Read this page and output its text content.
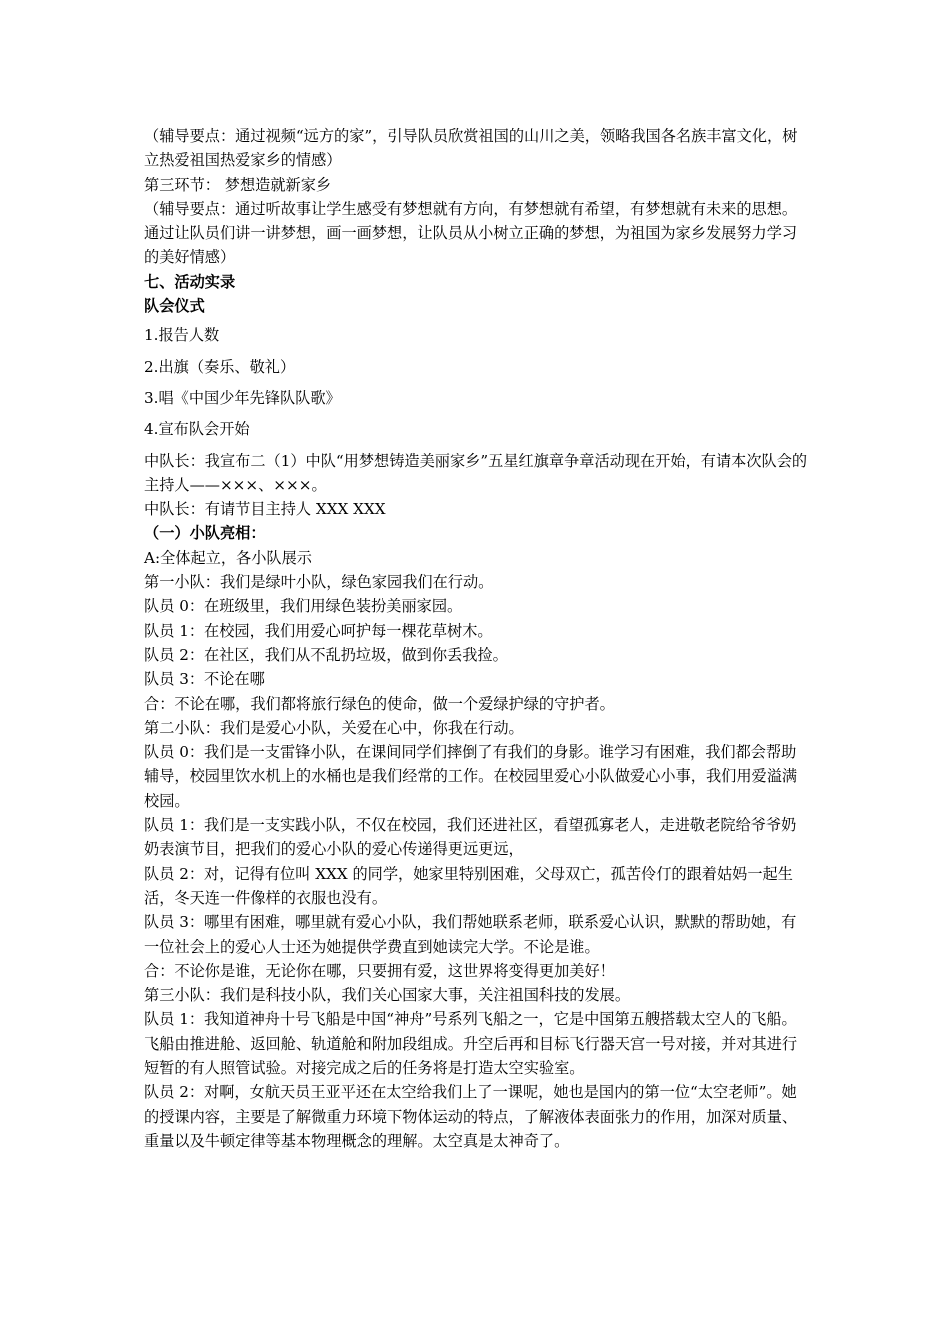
（辅导要点：通过视频“远方的家”，引导队员欣赏祖国的山川之美，领略我国各名族丰富文化，树立热爱祖国热爱家乡的情感）

第三环节： 梦想造就新家乡

（辅导要点：通过听故事让学生感受有梦想就有方向，有梦想就有希望，有梦想就有未来的思想。通过让队员们讲一讲梦想，画一画梦想，让队员从小树立正确的梦想，为祖国为家乡发展努力学习的美好情感）

七、活动实录

队会仪式

1.报告人数

2.出旗（奏乐、敬礼）

3.唱《中国少年先锋队队歌》

4.宣布队会开始

中队长：我宣布二（1）中队“用梦想铸造美丽家乡”五星红旗章争章活动现在开始，有请本次队会的主持人——×××、×××。

中队长：有请节目主持人 XXX XXX

（一）小队亮相：

A:全体起立，各小队展示

第一小队：我们是绿叶小队，绿色家园我们在行动。

队员 0：在班级里，我们用绿色装扮美丽家园。

队员 1：在校园，我们用爱心呵护每一棵花草树木。

队员 2：在社区，我们从不乱扔垃圾，做到你丢我捡。

队员 3：不论在哪

合：不论在哪，我们都将旅行绿色的使命，做一个爱绿护绿的守护者。

第二小队：我们是爱心小队，关爱在心中，你我在行动。

队员 0：我们是一支雷锋小队，在课间同学们摔倒了有我们的身影。谁学习有困难，我们都会帮助辅导，校园里饮水机上的水桶也是我们经常的工作。在校园里爱心小队做爱心小事，我们用爱溢满校园。

队员 1：我们是一支实践小队，不仅在校园，我们还进社区，看望孤寡老人，走进敬老院给爷爷奶奶表演节目，把我们的爱心小队的爱心传递得更远更远，

队员 2：对，记得有位叫 XXX 的同学，她家里特别困难，父母双亡，孤苦伶仃的跟着姑妈一起生活，冬天连一件像样的衣服也没有。

队员 3：哪里有困难，哪里就有爱心小队，我们帮她联系老师，联系爱心认识，默默的帮助她，有一位社会上的爱心人士还为她提供学费直到她读完大学。不论是谁。

合：不论你是谁，无论你在哪，只要拥有爱，这世界将变得更加美好！

第三小队：我们是科技小队，我们关心国家大事，关注祖国科技的发展。

队员 1：我知道神舟十号飞船是中国“神舟”号系列飞船之一，它是中国第五艘搭载太空人的飞船。飞船由推进舱、返回舱、轨道舱和附加段组成。升空后再和目标飞行器天宫一号对接，并对其进行短暂的有人照管试验。对接完成之后的任务将是打造太空实验室。

队员 2：对啊，女航天员王亚平还在太空给我们上了一课呢，她也是国内的第一位“太空老师”。她的授课内容，主要是了解微重力环境下物体运动的特点，了解液体表面张力的作用，加深对质量、重量以及牛顿定律等基本物理概念的理解。太空真是太神奇了。
